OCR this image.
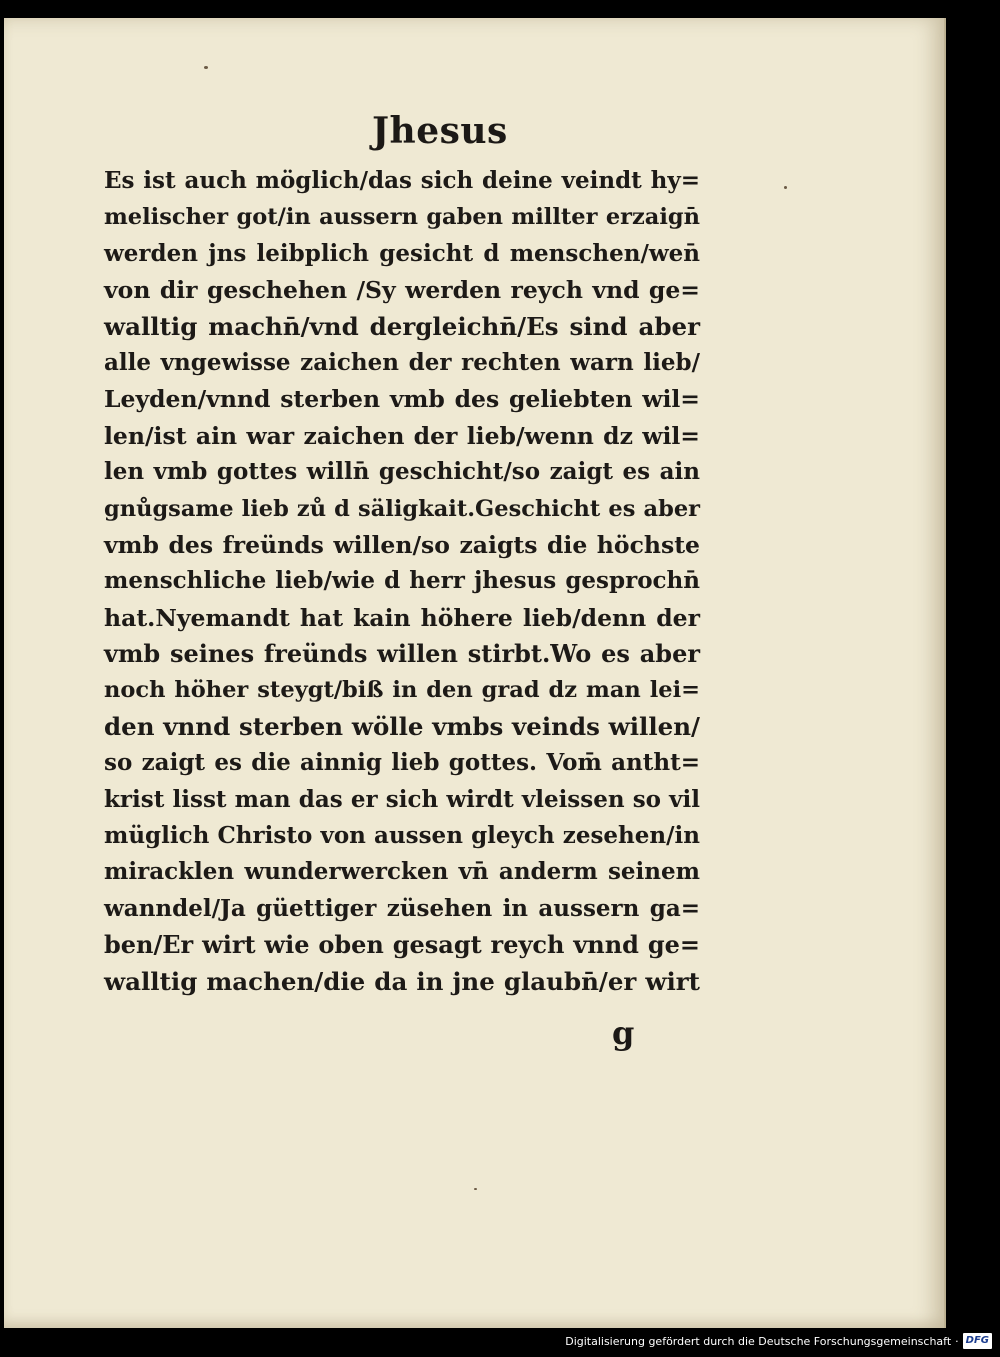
Jhesus
Es ist auch möglich/das sich deine veindt hy=
melischer got/in aussern gaben millter erzaign̄
werden jns leibplich gesicht d menschen/wen̄
von dir geschehen /Sy werden reych vnd ge=
walltig machn̄/vnd dergleichn̄/Es sind aber
alle vngewisse zaichen der rechten warn lieb/
Leyden/vnnd sterben vmb des geliebten wil=
len/ist ain war zaichen der lieb/wenn dz wil=
len vmb gottes willn̄ geschicht/so zaigt es ain
gnůgsame lieb zů d säligkait.Geschicht es aber
vmb des freünds willen/so zaigts die höchste
menschliche lieb/wie d herr jhesus gesprochn̄
hat.Nyemandt hat kain höhere lieb/denn der
vmb seines freünds willen stirbt.Wo es aber
noch höher steygt/biß in den grad dz man lei=
den vnnd sterben wölle vmbs veinds willen/
so zaigt es die ainnig lieb gottes. Vom̄ antht=
krist lisst man das er sich wirdt vleissen so vil
müglich Christo von aussen gleych zesehen/in
miracklen wunderwercken vn̄ anderm seinem
wanndel/Ja güettiger züsehen in aussern ga=
ben/Er wirt wie oben gesagt reych vnnd ge=
walltig machen/die da in jne glaubn̄/er wirt
g
Digitalisierung gefördert durch die Deutsche Forschungsgemeinschaft · DFG
